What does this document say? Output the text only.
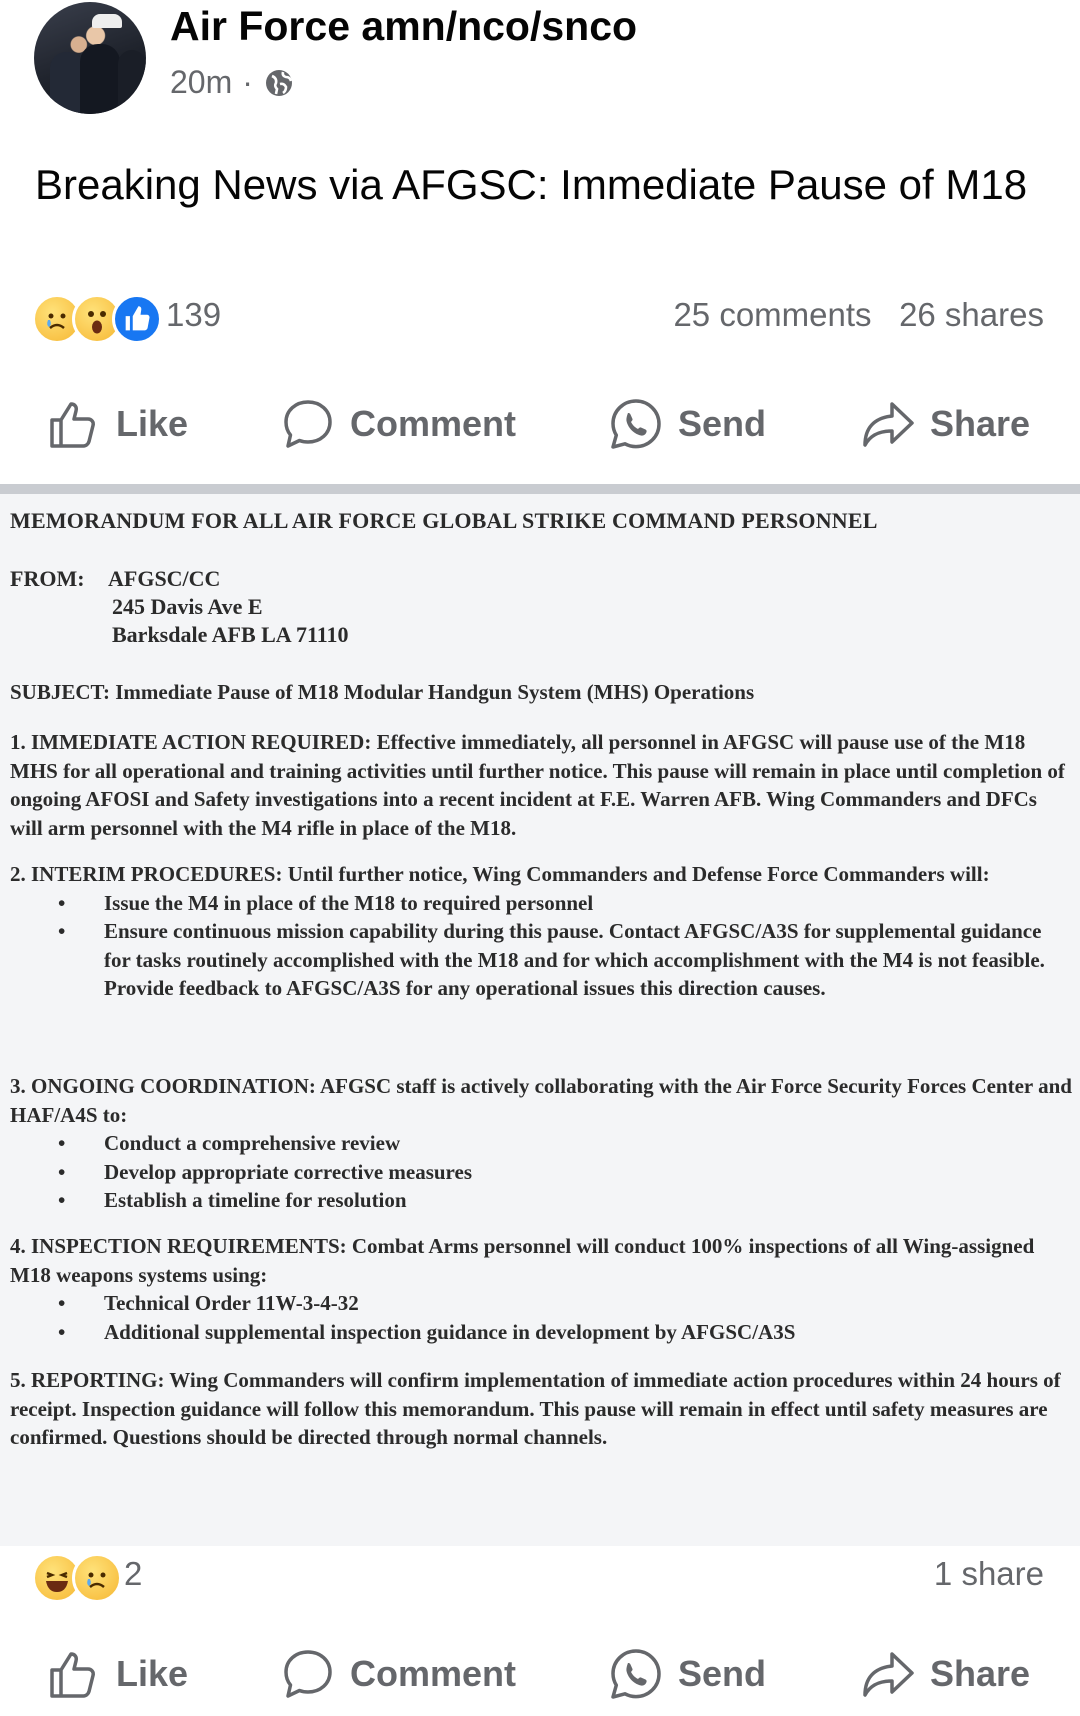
Air Force amn/nco/snco
20m ·
Breaking News via AFGSC: Immediate Pause of M18
139	25 comments 26 shares
Like	Comment	Send	Share
MEMORANDUM FOR ALL AIR FORCE GLOBAL STRIKE COMMAND PERSONNEL
FROM: AFGSC/CC
245 Davis Ave E
Barksdale AFB LA 71110
SUBJECT: Immediate Pause of M18 Modular Handgun System (MHS) Operations
1. IMMEDIATE ACTION REQUIRED: Effective immediately, all personnel in AFGSC will pause use of the M18 MHS for all operational and training activities until further notice. This pause will remain in place until completion of ongoing AFOSI and Safety investigations into a recent incident at F.E. Warren AFB. Wing Commanders and DFCs will arm personnel with the M4 rifle in place of the M18.
2. INTERIM PROCEDURES: Until further notice, Wing Commanders and Defense Force Commanders will:
• Issue the M4 in place of the M18 to required personnel
• Ensure continuous mission capability during this pause. Contact AFGSC/A3S for supplemental guidance for tasks routinely accomplished with the M18 and for which accomplishment with the M4 is not feasible. Provide feedback to AFGSC/A3S for any operational issues this direction causes.
3. ONGOING COORDINATION: AFGSC staff is actively collaborating with the Air Force Security Forces Center and HAF/A4S to:
• Conduct a comprehensive review
• Develop appropriate corrective measures
• Establish a timeline for resolution
4. INSPECTION REQUIREMENTS: Combat Arms personnel will conduct 100% inspections of all Wing-assigned M18 weapons systems using:
• Technical Order 11W-3-4-32
• Additional supplemental inspection guidance in development by AFGSC/A3S
5. REPORTING: Wing Commanders will confirm implementation of immediate action procedures within 24 hours of receipt. Inspection guidance will follow this memorandum. This pause will remain in effect until safety measures are confirmed. Questions should be directed through normal channels.
2	1 share
Like	Comment	Send	Share
